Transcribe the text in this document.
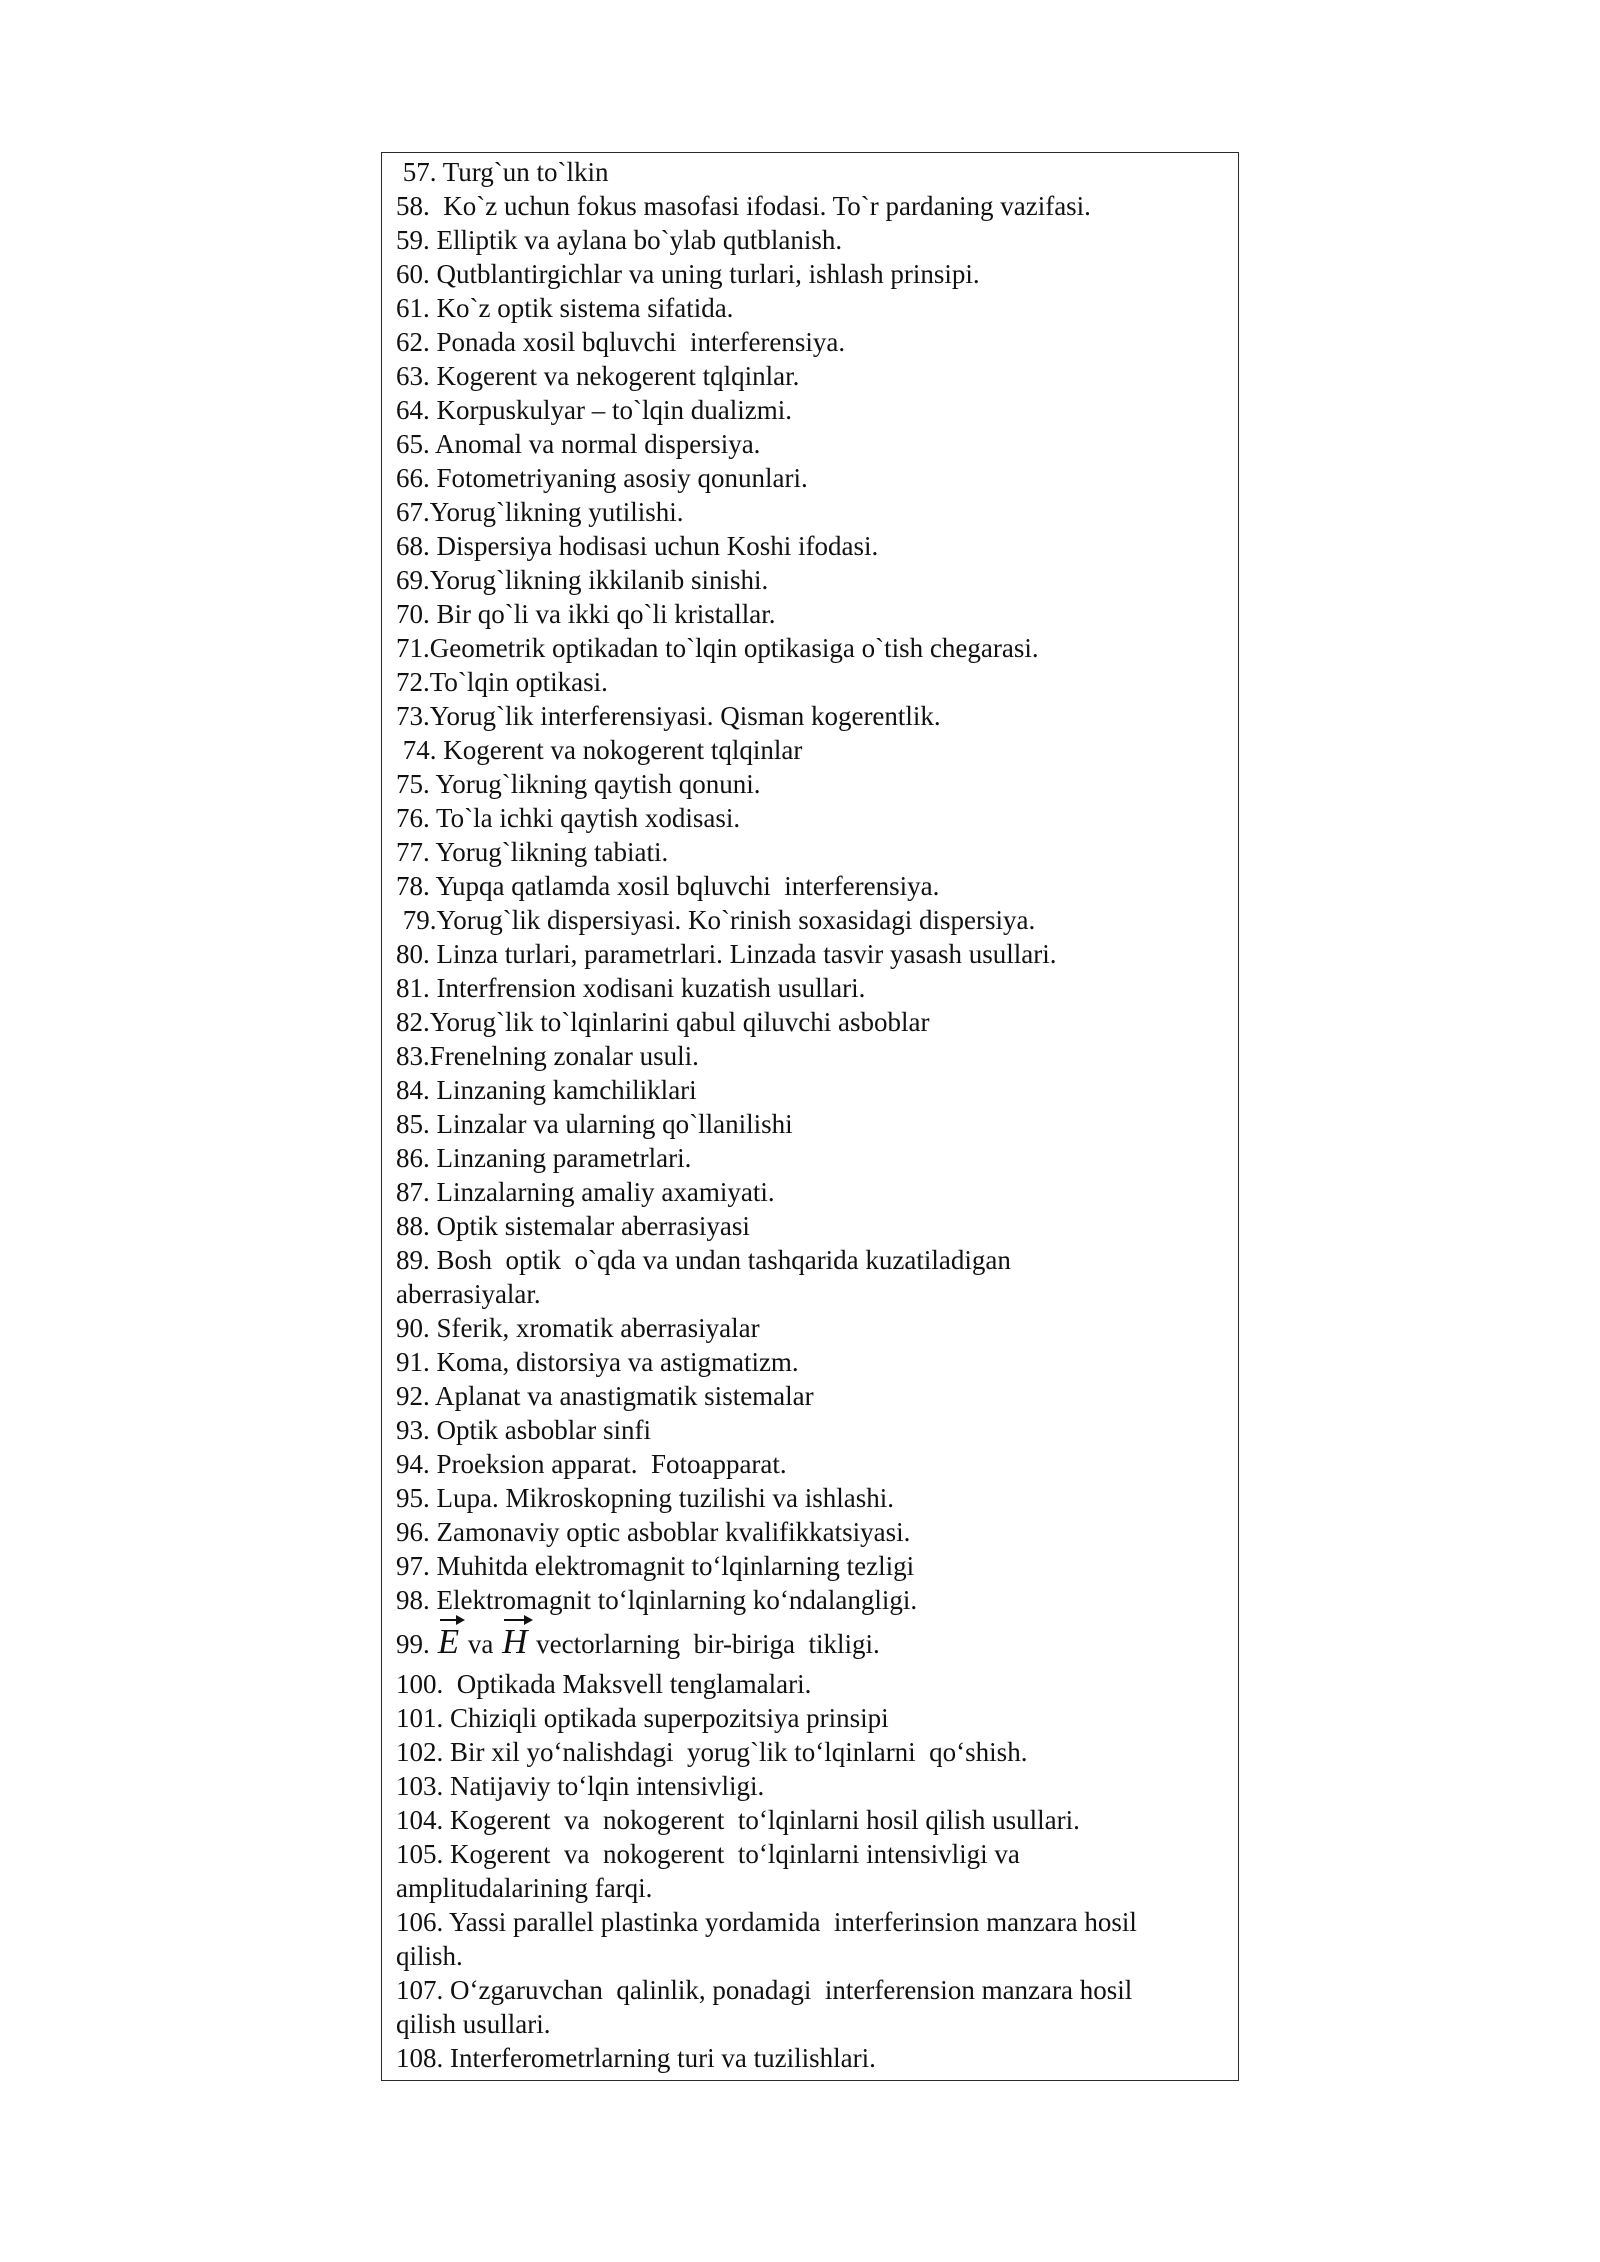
57. Turg`un to`lkin
58.  Ko`z uchun fokus masofasi ifodasi. To`r pardaning vazifasi.
59. Elliptik va aylana bo`ylab qutblanish.
60. Qutblantirgichlar va uning turlari, ishlash prinsipi.
61. Ko`z optik sistema sifatida.
62. Ponada xosil bqluvchi  interferensiya.
63. Kogerent va nekogerent tqlqinlar.
64. Korpuskulyar – to`lqin dualizmi.
65. Anomal va normal dispersiya.
66. Fotometriyaning asosiy qonunlari.
67.Yorug`likning yutilishi.
68. Dispersiya hodisasi uchun Koshi ifodasi.
69.Yorug`likning ikkilanib sinishi.
70. Bir qo`li va ikki qo`li kristallar.
71.Geometrik optikadan to`lqin optikasiga o`tish chegarasi.
72.To`lqin optikasi.
73.Yorug`lik interferensiyasi. Qisman kogerentlik.
74. Kogerent va nokogerent tqlqinlar
75. Yorug`likning qaytish qonuni.
76. To`la ichki qaytish xodisasi.
77. Yorug`likning tabiati.
78. Yupqa qatlamda xosil bqluvchi  interferensiya.
79.Yorug`lik dispersiyasi. Ko`rinish soxasidagi dispersiya.
80. Linza turlari, parametrlari. Linzada tasvir yasash usullari.
81. Interfrension xodisani kuzatish usullari.
82.Yorug`lik to`lqinlarini qabul qiluvchi asboblar
83.Frenelning zonalar usuli.
84. Linzaning kamchiliklari
85. Linzalar va ularning qo`llanilishi
86. Linzaning parametrlari.
87. Linzalarning amaliy axamiyati.
88. Optik sistemalar aberrasiyasi
89. Bosh  optik  o`qda va undan tashqarida kuzatiladigan
aberrasiyalar.
90. Sferik, xromatik aberrasiyalar
91. Koma, distorsiya va astigmatizm.
92. Aplanat va anastigmatik sistemalar
93. Optik asboblar sinfi
94. Proeksion apparat.  Fotoapparat.
95. Lupa. Mikroskopning tuzilishi va ishlashi.
96. Zamonaviy optic asboblar kvalifikkatsiyasi.
97. Muhitda elektromagnit to‘lqinlarning tezligi
98. Elektromagnit to‘lqinlarning ko‘ndalangligi.
99. E va H vectorlarning  bir-biriga  tikligi.
100.  Optikada Maksvell tenglamalari.
101. Chiziqli optikada superpozitsiya prinsipi
102. Bir xil yo‘nalishdagi  yorug`lik to‘lqinlarni  qo‘shish.
103. Natijaviy to‘lqin intensivligi.
104. Kogerent  va  nokogerent  to‘lqinlarni hosil qilish usullari.
105. Kogerent  va  nokogerent  to‘lqinlarni intensivligi va
amplitudalarining farqi.
106. Yassi parallel plastinka yordamida  interferinsion manzara hosil
qilish.
107. O‘zgaruvchan  qalinlik, ponadagi  interferension manzara hosil
qilish usullari.
108. Interferometrlarning turi va tuzilishlari.
